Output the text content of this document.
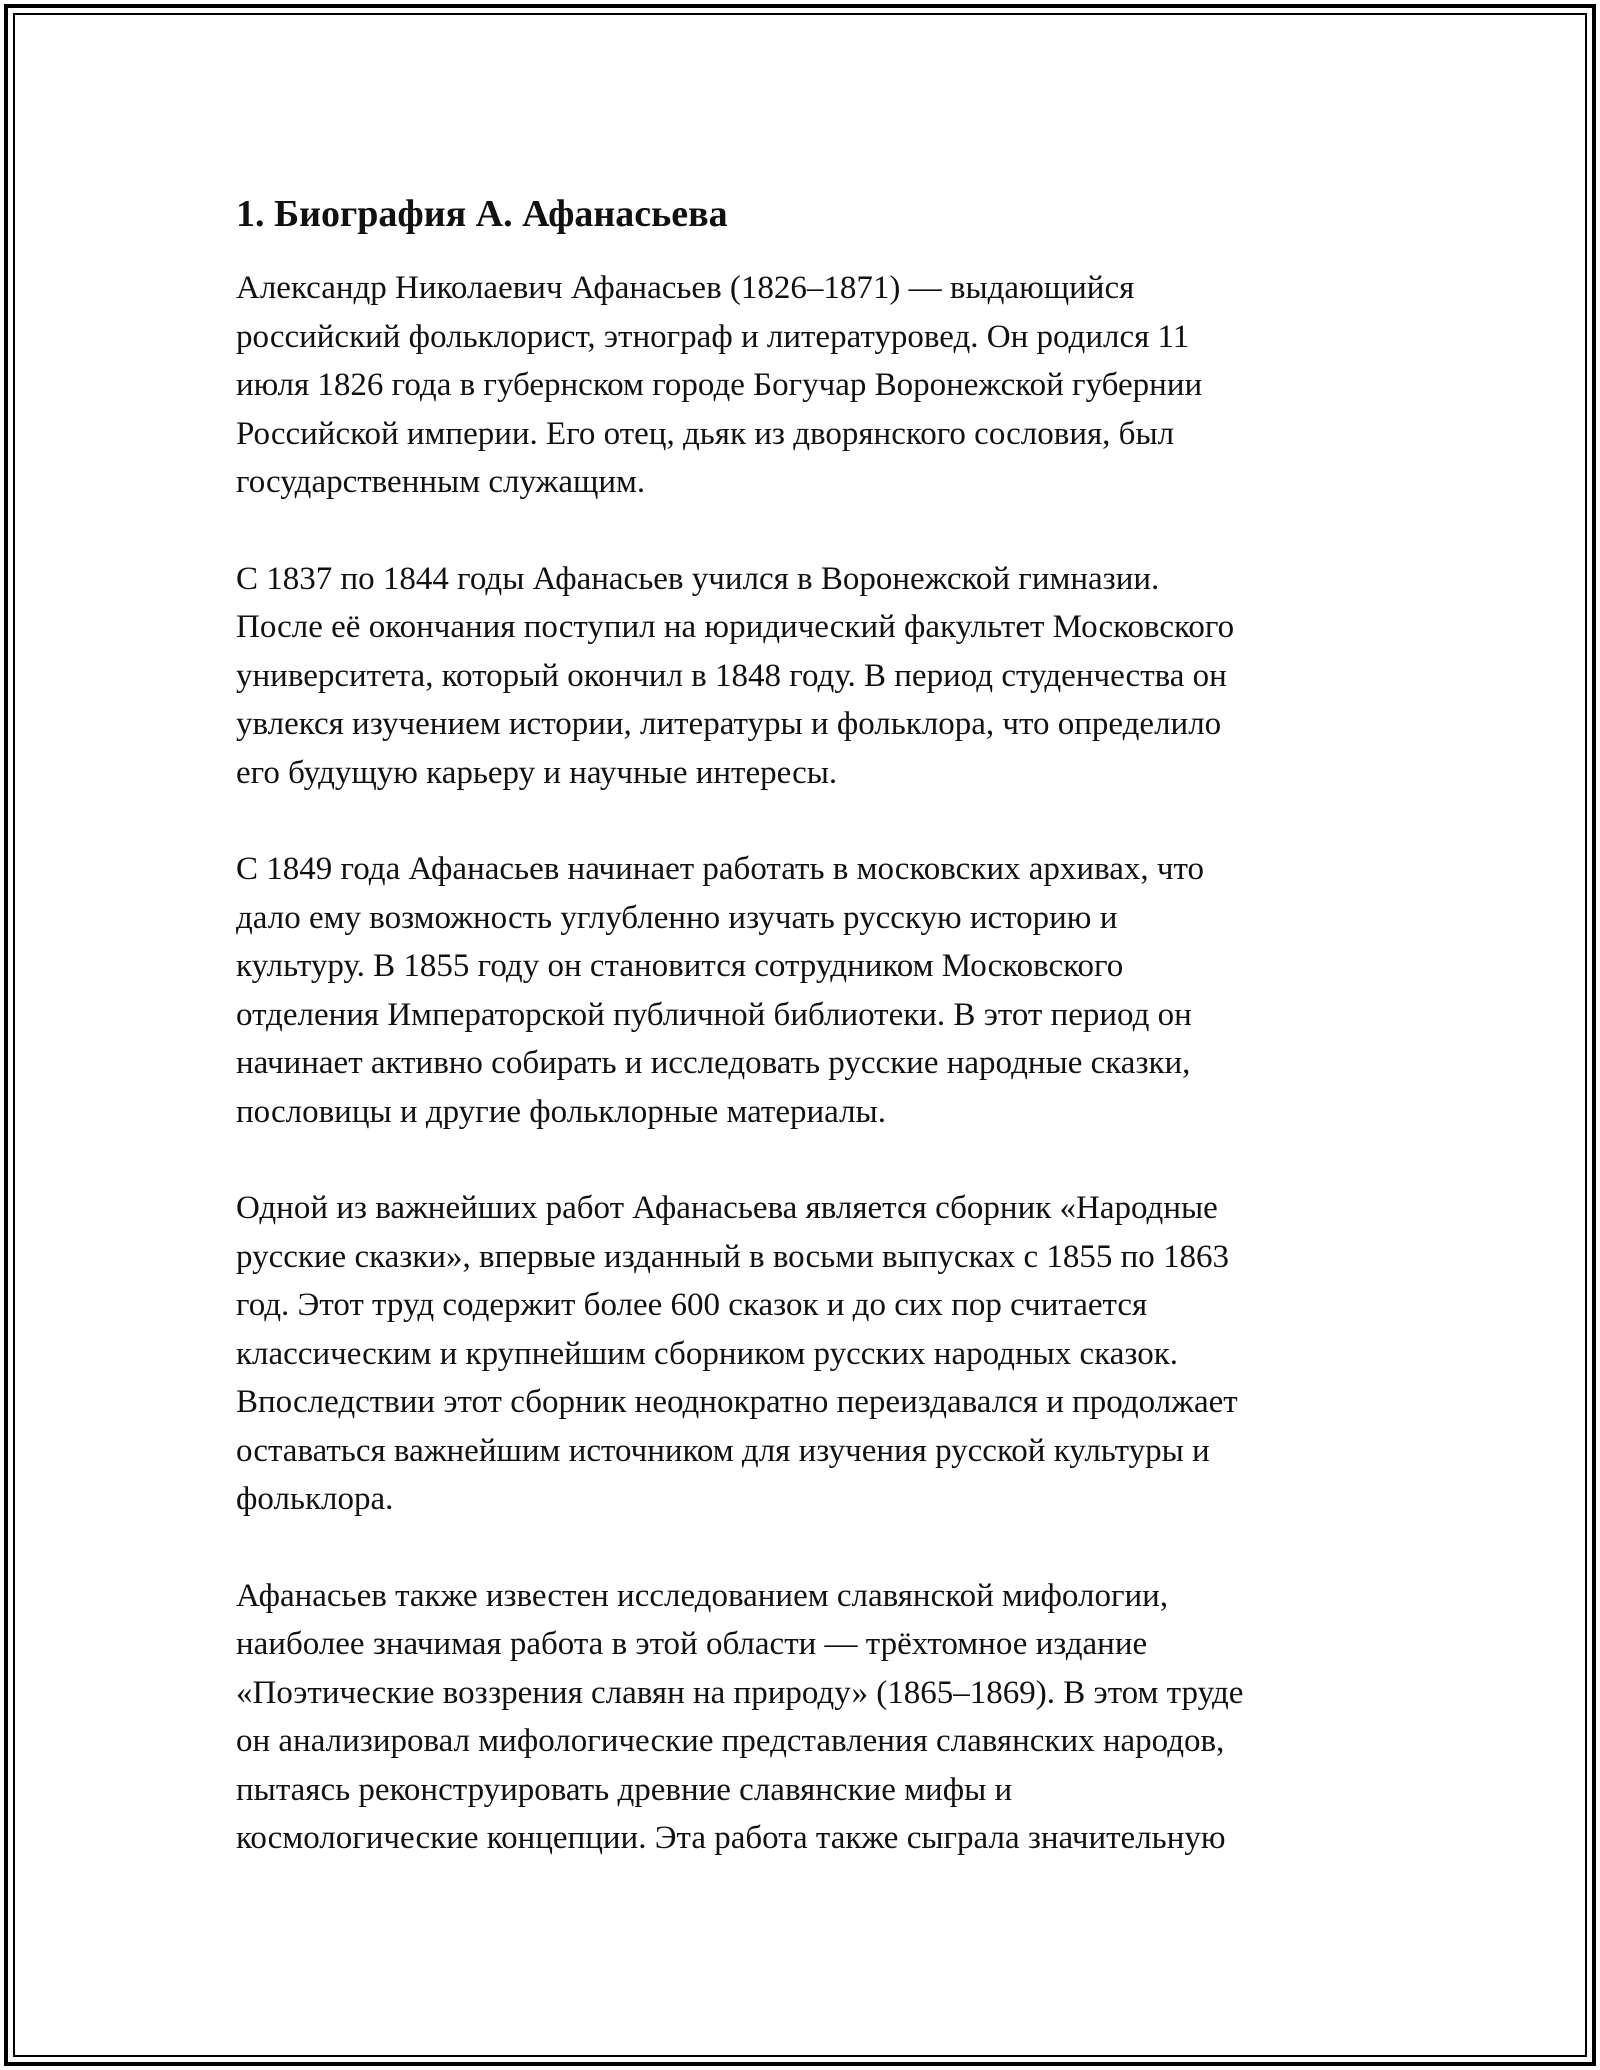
1. Биография А. Афанасьева

Александр Николаевич Афанасьев (1826–1871) — выдающийся
российский фольклорист, этнограф и литературовед. Он родился 11
июля 1826 года в губернском городе Богучар Воронежской губернии
Российской империи. Его отец, дьяк из дворянского сословия, был
государственным служащим.

С 1837 по 1844 годы Афанасьев учился в Воронежской гимназии.
После её окончания поступил на юридический факультет Московского
университета, который окончил в 1848 году. В период студенчества он
увлекся изучением истории, литературы и фольклора, что определило
его будущую карьеру и научные интересы.

С 1849 года Афанасьев начинает работать в московских архивах, что
дало ему возможность углубленно изучать русскую историю и
культуру. В 1855 году он становится сотрудником Московского
отделения Императорской публичной библиотеки. В этот период он
начинает активно собирать и исследовать русские народные сказки,
пословицы и другие фольклорные материалы.

Одной из важнейших работ Афанасьева является сборник «Народные
русские сказки», впервые изданный в восьми выпусках с 1855 по 1863
год. Этот труд содержит более 600 сказок и до сих пор считается
классическим и крупнейшим сборником русских народных сказок.
Впоследствии этот сборник неоднократно переиздавался и продолжает
оставаться важнейшим источником для изучения русской культуры и
фольклора.

Афанасьев также известен исследованием славянской мифологии,
наиболее значимая работа в этой области — трёхтомное издание
«Поэтические воззрения славян на природу» (1865–1869). В этом труде
он анализировал мифологические представления славянских народов,
пытаясь реконструировать древние славянские мифы и
космологические концепции. Эта работа также сыграла значительную
